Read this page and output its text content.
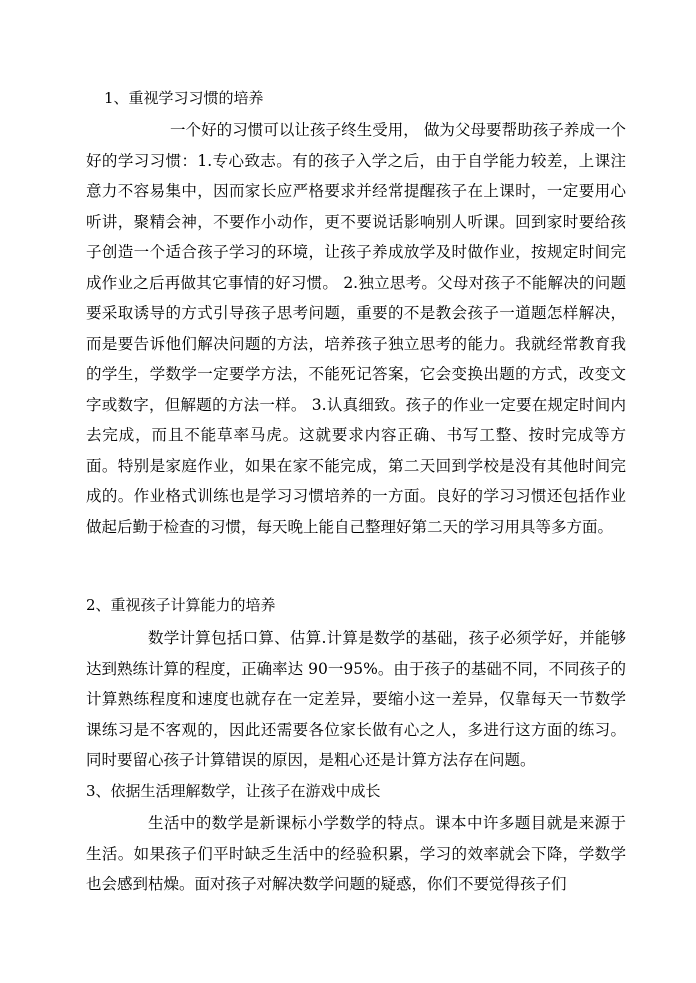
1、重视学习习惯的培养

一个好的习惯可以让孩子终生受用， 做为父母要帮助孩子养成一个好的学习习惯：1.专心致志。有的孩子入学之后，由于自学能力较差，上课注意力不容易集中，因而家长应严格要求并经常提醒孩子在上课时，一定要用心听讲，聚精会神，不要作小动作，更不要说话影响别人听课。回到家时要给孩子创造一个适合孩子学习的环境，让孩子养成放学及时做作业，按规定时间完成作业之后再做其它事情的好习惯。 2.独立思考。父母对孩子不能解决的问题要采取诱导的方式引导孩子思考问题，重要的不是教会孩子一道题怎样解决，而是要告诉他们解决问题的方法，培养孩子独立思考的能力。我就经常教育我的学生，学数学一定要学方法，不能死记答案，它会变换出题的方式，改变文字或数字，但解题的方法一样。 3.认真细致。孩子的作业一定要在规定时间内去完成，而且不能草率马虎。这就要求内容正确、书写工整、按时完成等方面。特别是家庭作业，如果在家不能完成，第二天回到学校是没有其他时间完成的。作业格式训练也是学习习惯培养的一方面。良好的学习习惯还包括作业做起后勤于检查的习惯，每天晚上能自己整理好第二天的学习用具等多方面。

2、重视孩子计算能力的培养

数学计算包括口算、估算.计算是数学的基础，孩子必须学好，并能够达到熟练计算的程度，正确率达 90一95%。由于孩子的基础不同，不同孩子的计算熟练程度和速度也就存在一定差异，要缩小这一差异，仅靠每天一节数学课练习是不客观的，因此还需要各位家长做有心之人，多进行这方面的练习。同时要留心孩子计算错误的原因，是粗心还是计算方法存在问题。

3、依据生活理解数学，让孩子在游戏中成长

生活中的数学是新课标小学数学的特点。课本中许多题目就是来源于生活。如果孩子们平时缺乏生活中的经验积累，学习的效率就会下降，学数学也会感到枯燥。面对孩子对解决数学问题的疑惑，你们不要觉得孩子们
